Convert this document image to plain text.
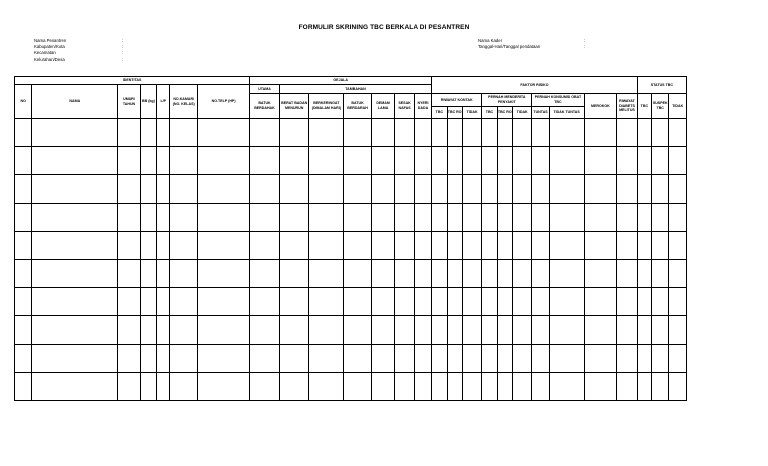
FORMULIR SKRINING TBC BERKALA DI PESANTREN
Nama Pesantren	:
Kabupaten/Kota	:
Kecamatan	:
Kelurahan/Desa	:
Nama Kader	:
Tanggal-Hari/Tanggal pendataan	:
IDENTITAS							GEJALA							FAKTOR RISIKO										STATUS TBC		
NO	NAMA	UMUR/ TAHUN	BB (kg)	L/P	NO.KAMAR/ (NO. KELAS)	NO.TELP (HP)	UTAMA	TAMBAHAN																		
							BATUK BERDAHAK	BERAT BADAN MENURUN	BERKERINGAT (DIMALAM HARI)	BATUK BERDARAH	DEMAM LAMA	SESAK NAFAS	NYERI DADA	RIWAYAT KONTAK			PERNAH MENDERITA PENYAKIT			PERNAH KONSUMSI OBAT TBC		MEROKOK	RIWAYAT DIABETS MELITUS	TBC	SUSPEK TBC	TIDAK
														TBC	TBC RO	TIDAK	TBC	TBC RO	TIDAK	TUNTAS	TIDAK TUNTAS					
